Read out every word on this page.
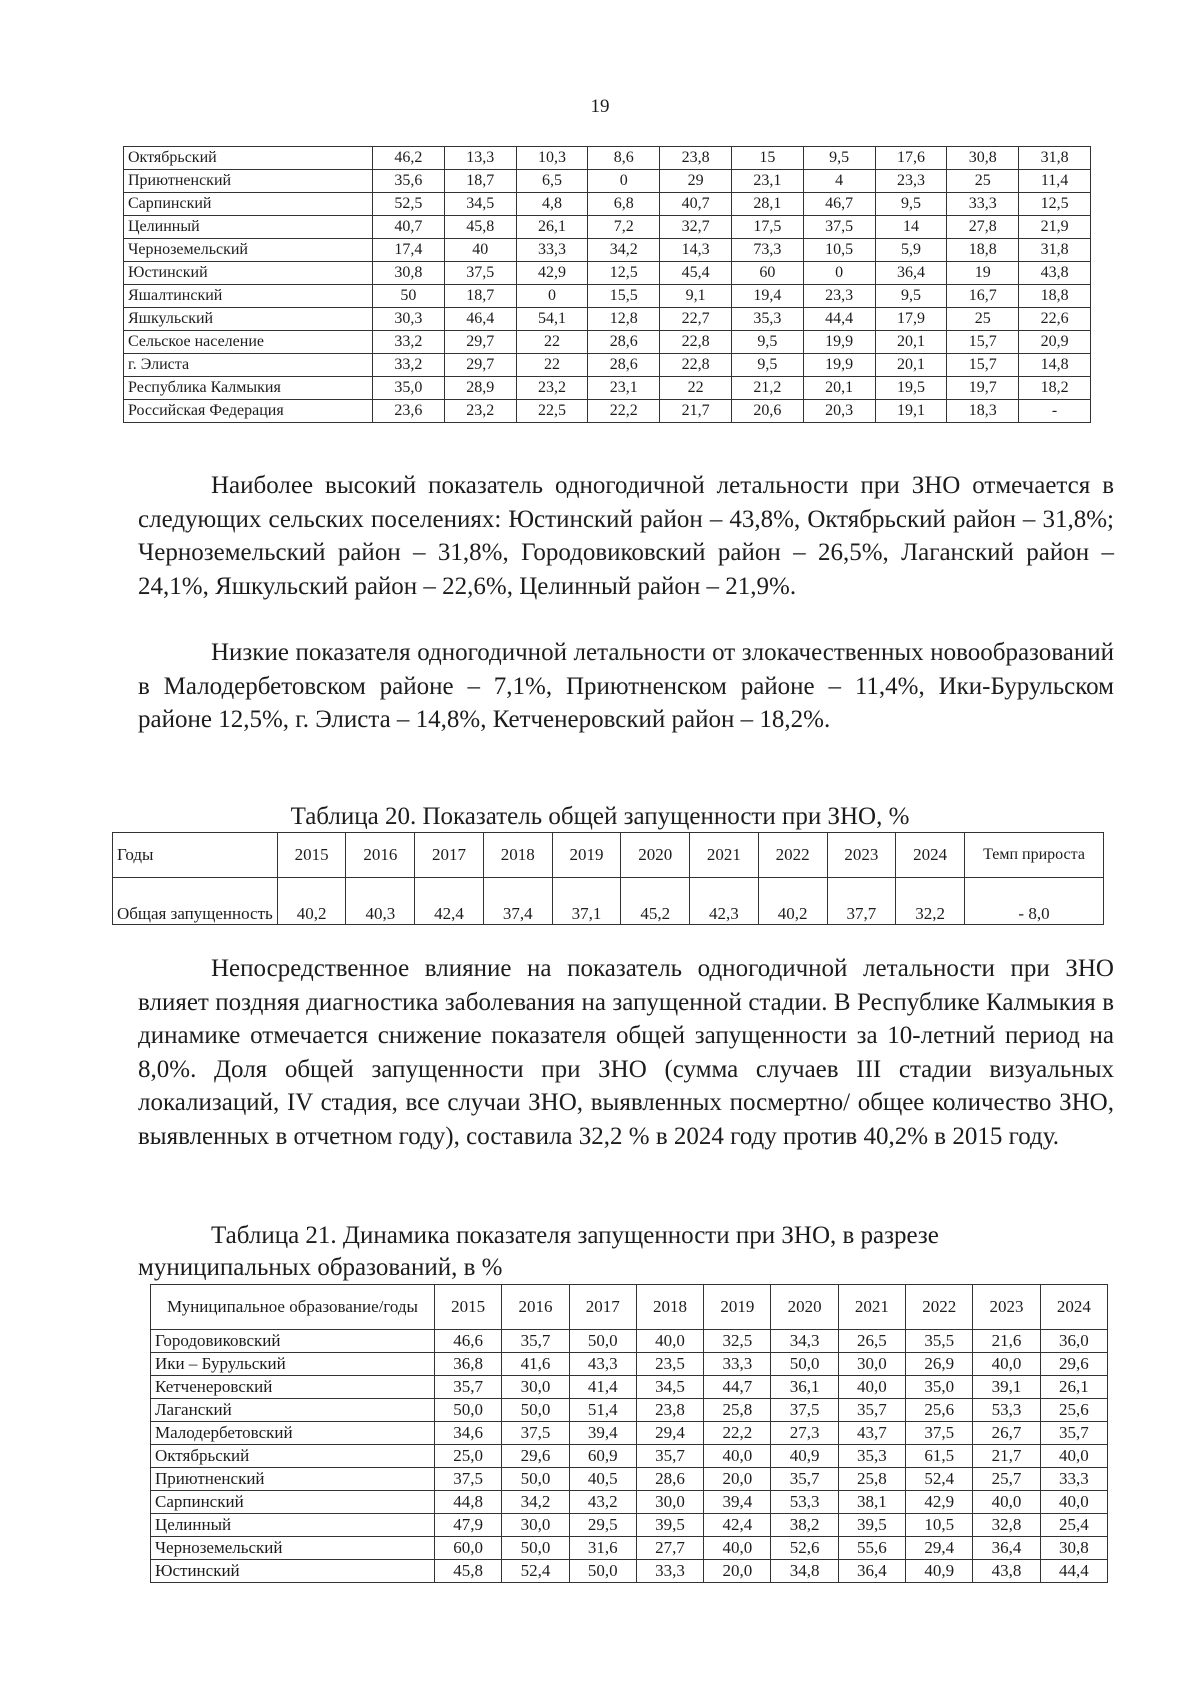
19
Октябрьский	46,2	13,3	10,3	8,6	23,8	15	9,5	17,6	30,8	31,8
Приютненский	35,6	18,7	6,5	0	29	23,1	4	23,3	25	11,4
Сарпинский	52,5	34,5	4,8	6,8	40,7	28,1	46,7	9,5	33,3	12,5
Целинный	40,7	45,8	26,1	7,2	32,7	17,5	37,5	14	27,8	21,9
Черноземельский	17,4	40	33,3	34,2	14,3	73,3	10,5	5,9	18,8	31,8
Юстинский	30,8	37,5	42,9	12,5	45,4	60	0	36,4	19	43,8
Яшалтинский	50	18,7	0	15,5	9,1	19,4	23,3	9,5	16,7	18,8
Яшкульский	30,3	46,4	54,1	12,8	22,7	35,3	44,4	17,9	25	22,6
Сельское население	33,2	29,7	22	28,6	22,8	9,5	19,9	20,1	15,7	20,9
г. Элиста	33,2	29,7	22	28,6	22,8	9,5	19,9	20,1	15,7	14,8
Республика Калмыкия	35,0	28,9	23,2	23,1	22	21,2	20,1	19,5	19,7	18,2
Российская Федерация	23,6	23,2	22,5	22,2	21,7	20,6	20,3	19,1	18,3	-
Наиболее высокий показатель одногодичной летальности при ЗНО отмечается в следующих сельских поселениях: Юстинский район – 43,8%, Октябрьский район – 31,8%; Черноземельский район – 31,8%, Городовиковский район – 26,5%, Лаганский район – 24,1%, Яшкульский район – 22,6%, Целинный район – 21,9%.
Низкие показателя одногодичной летальности от злокачественных новообразований в Малодербетовском районе – 7,1%, Приютненском районе – 11,4%, Ики-Бурульском районе 12,5%, г. Элиста – 14,8%, Кетченеровский район – 18,2%.
Таблица 20. Показатель общей запущенности при ЗНО, %
Годы	2015	2016	2017	2018	2019	2020	2021	2022	2023	2024	Темп прироста
Общая запущенность	40,2	40,3	42,4	37,4	37,1	45,2	42,3	40,2	37,7	32,2	- 8,0
Непосредственное влияние на показатель одногодичной летальности при ЗНО влияет поздняя диагностика заболевания на запущенной стадии. В Республике Калмыкия в динамике отмечается снижение показателя общей запущенности за 10-летний период на 8,0%. Доля общей запущенности при ЗНО (сумма случаев III стадии визуальных локализаций, IV стадия, все случаи ЗНО, выявленных посмертно/ общее количество ЗНО, выявленных в отчетном году), составила 32,2 % в 2024 году против 40,2% в 2015 году.
Таблица 21. Динамика показателя запущенности при ЗНО, в разрезе
муниципальных образований, в %
Муниципальное образование/годы	2015	2016	2017	2018	2019	2020	2021	2022	2023	2024
Городовиковский	46,6	35,7	50,0	40,0	32,5	34,3	26,5	35,5	21,6	36,0
Ики – Бурульский	36,8	41,6	43,3	23,5	33,3	50,0	30,0	26,9	40,0	29,6
Кетченеровский	35,7	30,0	41,4	34,5	44,7	36,1	40,0	35,0	39,1	26,1
Лаганский	50,0	50,0	51,4	23,8	25,8	37,5	35,7	25,6	53,3	25,6
Малодербетовский	34,6	37,5	39,4	29,4	22,2	27,3	43,7	37,5	26,7	35,7
Октябрьский	25,0	29,6	60,9	35,7	40,0	40,9	35,3	61,5	21,7	40,0
Приютненский	37,5	50,0	40,5	28,6	20,0	35,7	25,8	52,4	25,7	33,3
Сарпинский	44,8	34,2	43,2	30,0	39,4	53,3	38,1	42,9	40,0	40,0
Целинный	47,9	30,0	29,5	39,5	42,4	38,2	39,5	10,5	32,8	25,4
Черноземельский	60,0	50,0	31,6	27,7	40,0	52,6	55,6	29,4	36,4	30,8
Юстинский	45,8	52,4	50,0	33,3	20,0	34,8	36,4	40,9	43,8	44,4
